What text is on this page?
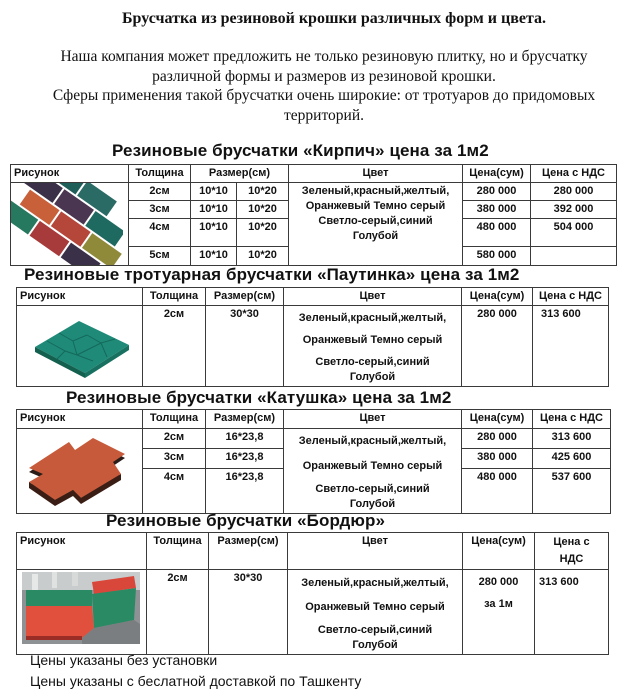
Брусчатка из резиновой крошки различных форм и цвета.
Наша компания может предложить не только резиновую плитку, но и брусчатку
различной формы и размеров из резиновой крошки.
Сферы применения такой брусчатки очень широкие: от тротуаров до придомовых
территорий.
Резиновые брусчатки «Кирпич» цена за 1м2
Рисунок	Толщина	Размер(см)		Цвет	Цена(сум)	Цена с НДС

	2см	10*10	10*20	Зеленый,красный,желтый,
Оранжевый Темно серый
Светло-серый,синий
Голубой	280 000	280 000
	3см	10*10	10*20		380 000	392 000
	4см	10*10	10*20		480 000	504 000
	5см	10*10	10*20		580 000	
Резиновые тротуарная брусчатки «Паутинка» цена за 1м2
Рисунок	Толщина	Размер(см)	Цвет	Цена(сум)	Цена с НДС

	2см	30*30	Зеленый,красный,желтый,
Оранжевый Темно серый
Светло-серый,синий
Голубой	280 000	313 600
Резиновые брусчатки «Катушка» цена за 1м2
Рисунок	Толщина	Размер(см)	Цвет	Цена(сум)	Цена с НДС

	2см	16*23,8	Зеленый,красный,желтый,
Оранжевый Темно серый
Светло-серый,синий
Голубой	280 000	313 600
	3см	16*23,8		380 000	425 600
	4см	16*23,8		480 000	537 600
Резиновые брусчатки «Бордюр»
Рисунок	Толщина	Размер(см)	Цвет	Цена(сум)	Цена с
НДС

	2см	30*30	Зеленый,красный,желтый,
Оранжевый Темно серый
Светло-серый,синий
Голубой	280 000
за 1м	313 600
Цены указаны без установки
Цены указаны с беслатной доставкой по Ташкенту
